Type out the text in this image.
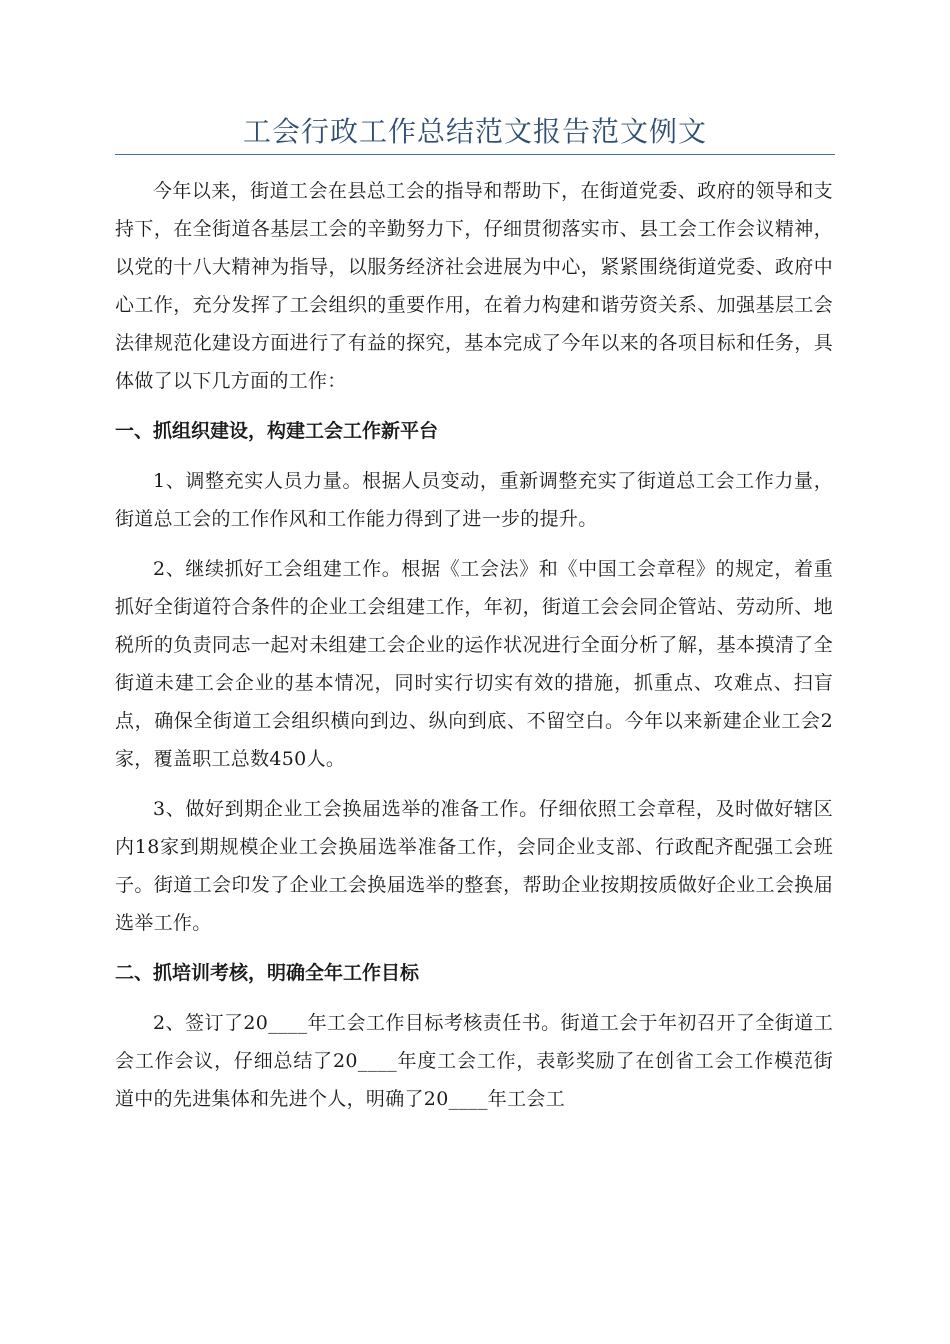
工会行政工作总结范文报告范文例文

今年以来，街道工会在县总工会的指导和帮助下，在街道党委、政府的领导和支持下，在全街道各基层工会的辛勤努力下，仔细贯彻落实市、县工会工作会议精神，以党的十八大精神为指导，以服务经济社会进展为中心，紧紧围绕街道党委、政府中心工作，充分发挥了工会组织的重要作用，在着力构建和谐劳资关系、加强基层工会法律规范化建设方面进行了有益的探究，基本完成了今年以来的各项目标和任务，具体做了以下几方面的工作：

一、抓组织建设，构建工会工作新平台

1、调整充实人员力量。根据人员变动，重新调整充实了街道总工会工作力量，街道总工会的工作作风和工作能力得到了进一步的提升。

2、继续抓好工会组建工作。根据《工会法》和《中国工会章程》的规定，着重抓好全街道符合条件的企业工会组建工作，年初，街道工会会同企管站、劳动所、地税所的负责同志一起对未组建工会企业的运作状况进行全面分析了解，基本摸清了全街道未建工会企业的基本情况，同时实行切实有效的措施，抓重点、攻难点、扫盲点，确保全街道工会组织横向到边、纵向到底、不留空白。今年以来新建企业工会2家，覆盖职工总数450人。

3、做好到期企业工会换届选举的准备工作。仔细依照工会章程，及时做好辖区内18家到期规模企业工会换届选举准备工作，会同企业支部、行政配齐配强工会班子。街道工会印发了企业工会换届选举的整套，帮助企业按期按质做好企业工会换届选举工作。

二、抓培训考核，明确全年工作目标

2、签订了20____年工会工作目标考核责任书。街道工会于年初召开了全街道工会工作会议，仔细总结了20____年度工会工作，表彰奖励了在创省工会工作模范街道中的先进集体和先进个人，明确了20____年工会工
